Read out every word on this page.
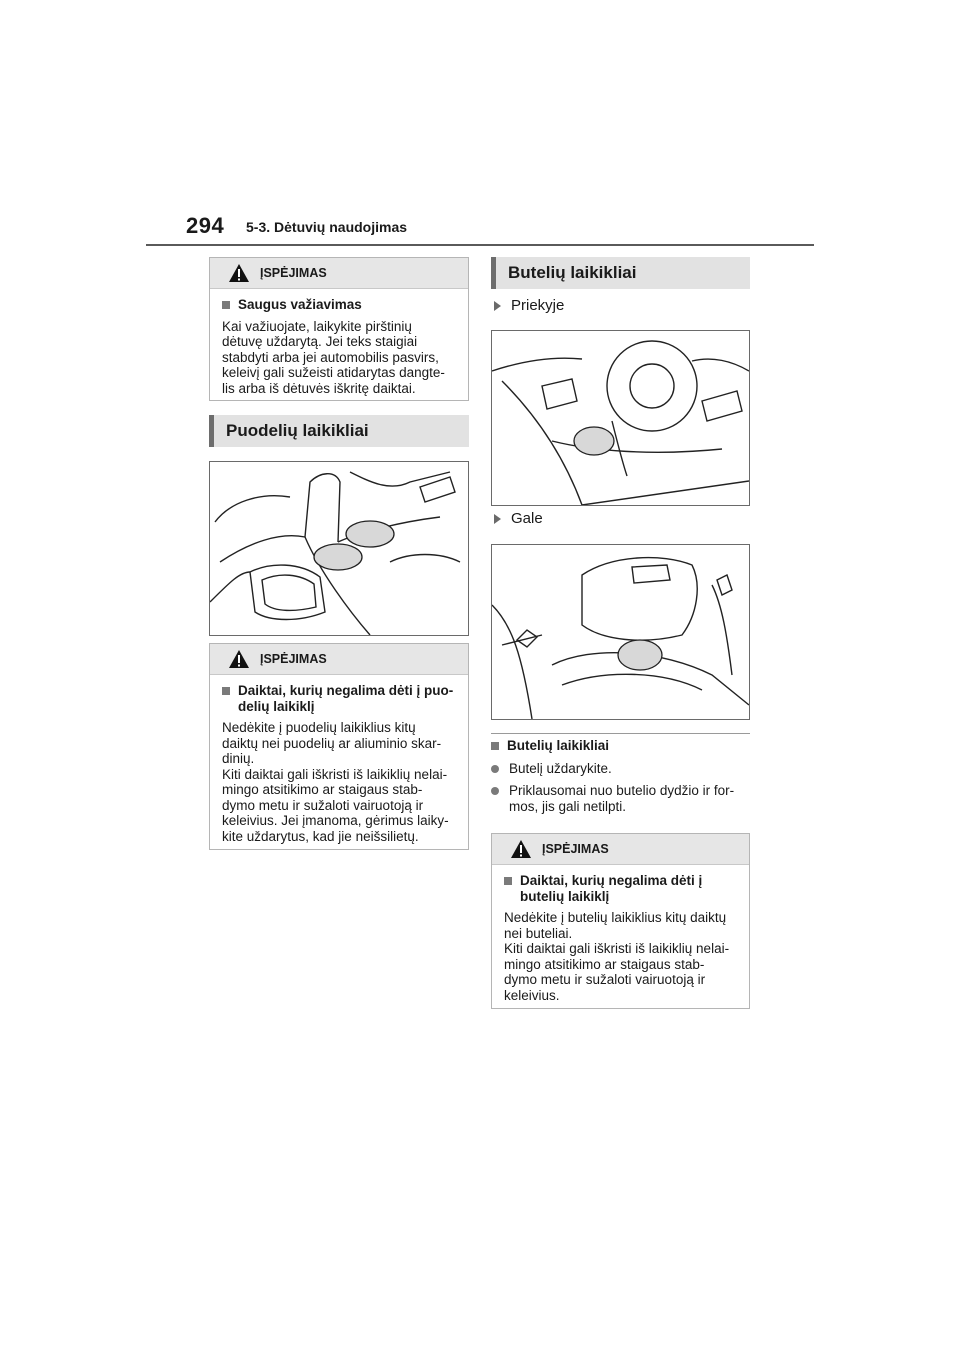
294 5-3. Dėtuvių naudojimas
ĮSPĖJIMAS
Saugus važiavimas
Kai važiuojate, laikykite pirštinių
dėtuvę uždarytą. Jei teks staigiai
stabdyti arba jei automobilis pasvirs,
keleivį gali sužeisti atidarytas dangte-
lis arba iš dėtuvės iškritę daiktai.
Puodelių laikikliai
ĮSPĖJIMAS
Daiktai, kurių negalima dėti į puo-
delių laikiklį
Nedėkite į puodelių laikiklius kitų
daiktų nei puodelių ar aliuminio skar-
dinių.
Kiti daiktai gali iškristi iš laikiklių nelai-
mingo atsitikimo ar staigaus stab-
dymo metu ir sužaloti vairuotoją ir
keleivius. Jei įmanoma, gėrimus laiky-
kite uždarytus, kad jie neišsilietų.
Butelių laikikliai
Priekyje
Gale
Butelių laikikliai
Butelį uždarykite.
Priklausomai nuo butelio dydžio ir for-
mos, jis gali netilpti.
ĮSPĖJIMAS
Daiktai, kurių negalima dėti į
butelių laikiklį
Nedėkite į butelių laikiklius kitų daiktų
nei buteliai.
Kiti daiktai gali iškristi iš laikiklių nelai-
mingo atsitikimo ar staigaus stab-
dymo metu ir sužaloti vairuotoją ir
keleivius.
